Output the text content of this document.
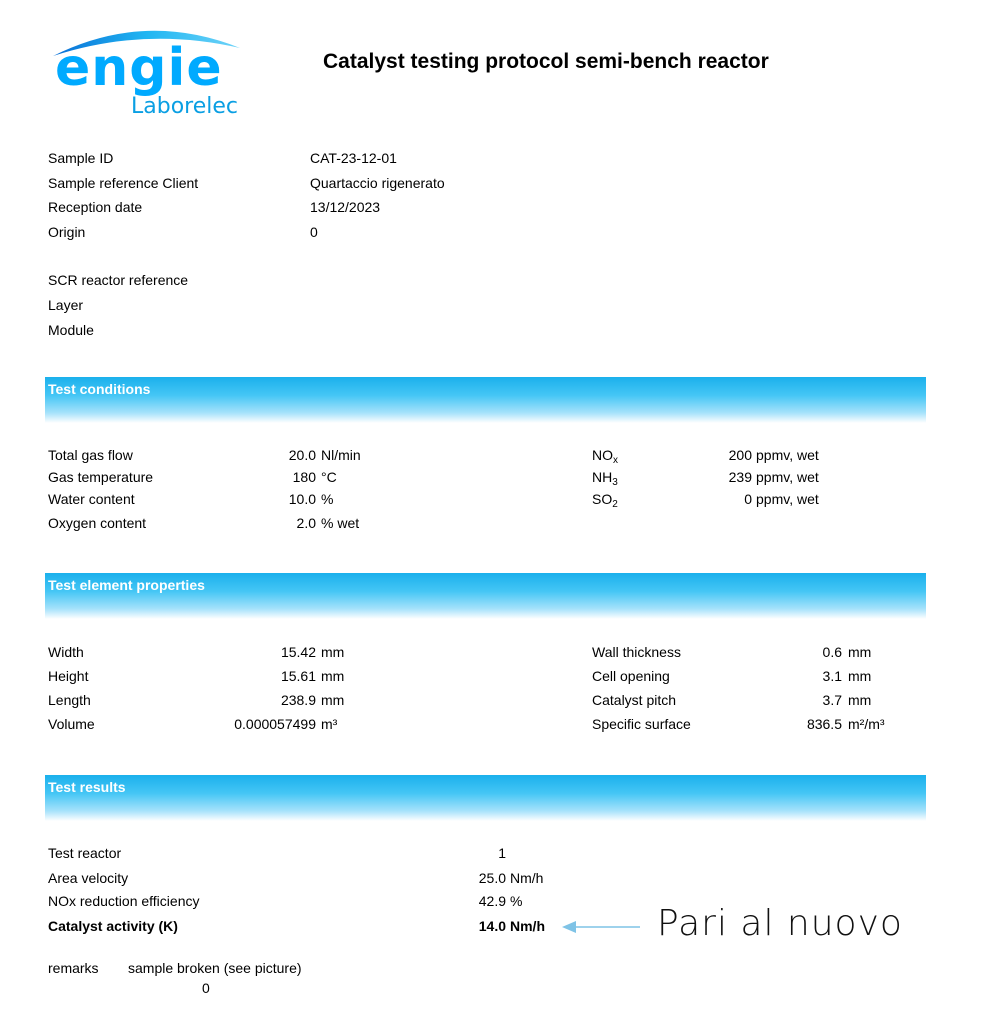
engie
Laborelec
Catalyst testing protocol semi-bench reactor
Sample ID	CAT-23-12-01
Sample reference Client	Quartaccio rigenerato
Reception date	13/12/2023
Origin	0
SCR reactor reference
Layer
Module
Test conditions
Total gas flow	20.0 Nl/min
Gas temperature	180 °C
Water content	10.0 %
Oxygen content	2.0 % wet
$NO_x$	200 ppmv, wet
$NH_3$	239 ppmv, wet
$SO_2$	0 ppmv, wet
Test element properties
Width	15.42 mm
Height	15.61 mm
Length	238.9 mm
Volume	0.000057499 m³
Wall thickness	0.6 mm
Cell opening	3.1 mm
Catalyst pitch	3.7 mm
Specific surface	836.5 m²/m³
Test results
Test reactor	1
Area velocity	25.0 Nm/h
NOx reduction efficiency	42.9 %
Catalyst activity (K)	14.0 Nm/h	Pari al nuovo
remarks sample broken (see picture)
0
